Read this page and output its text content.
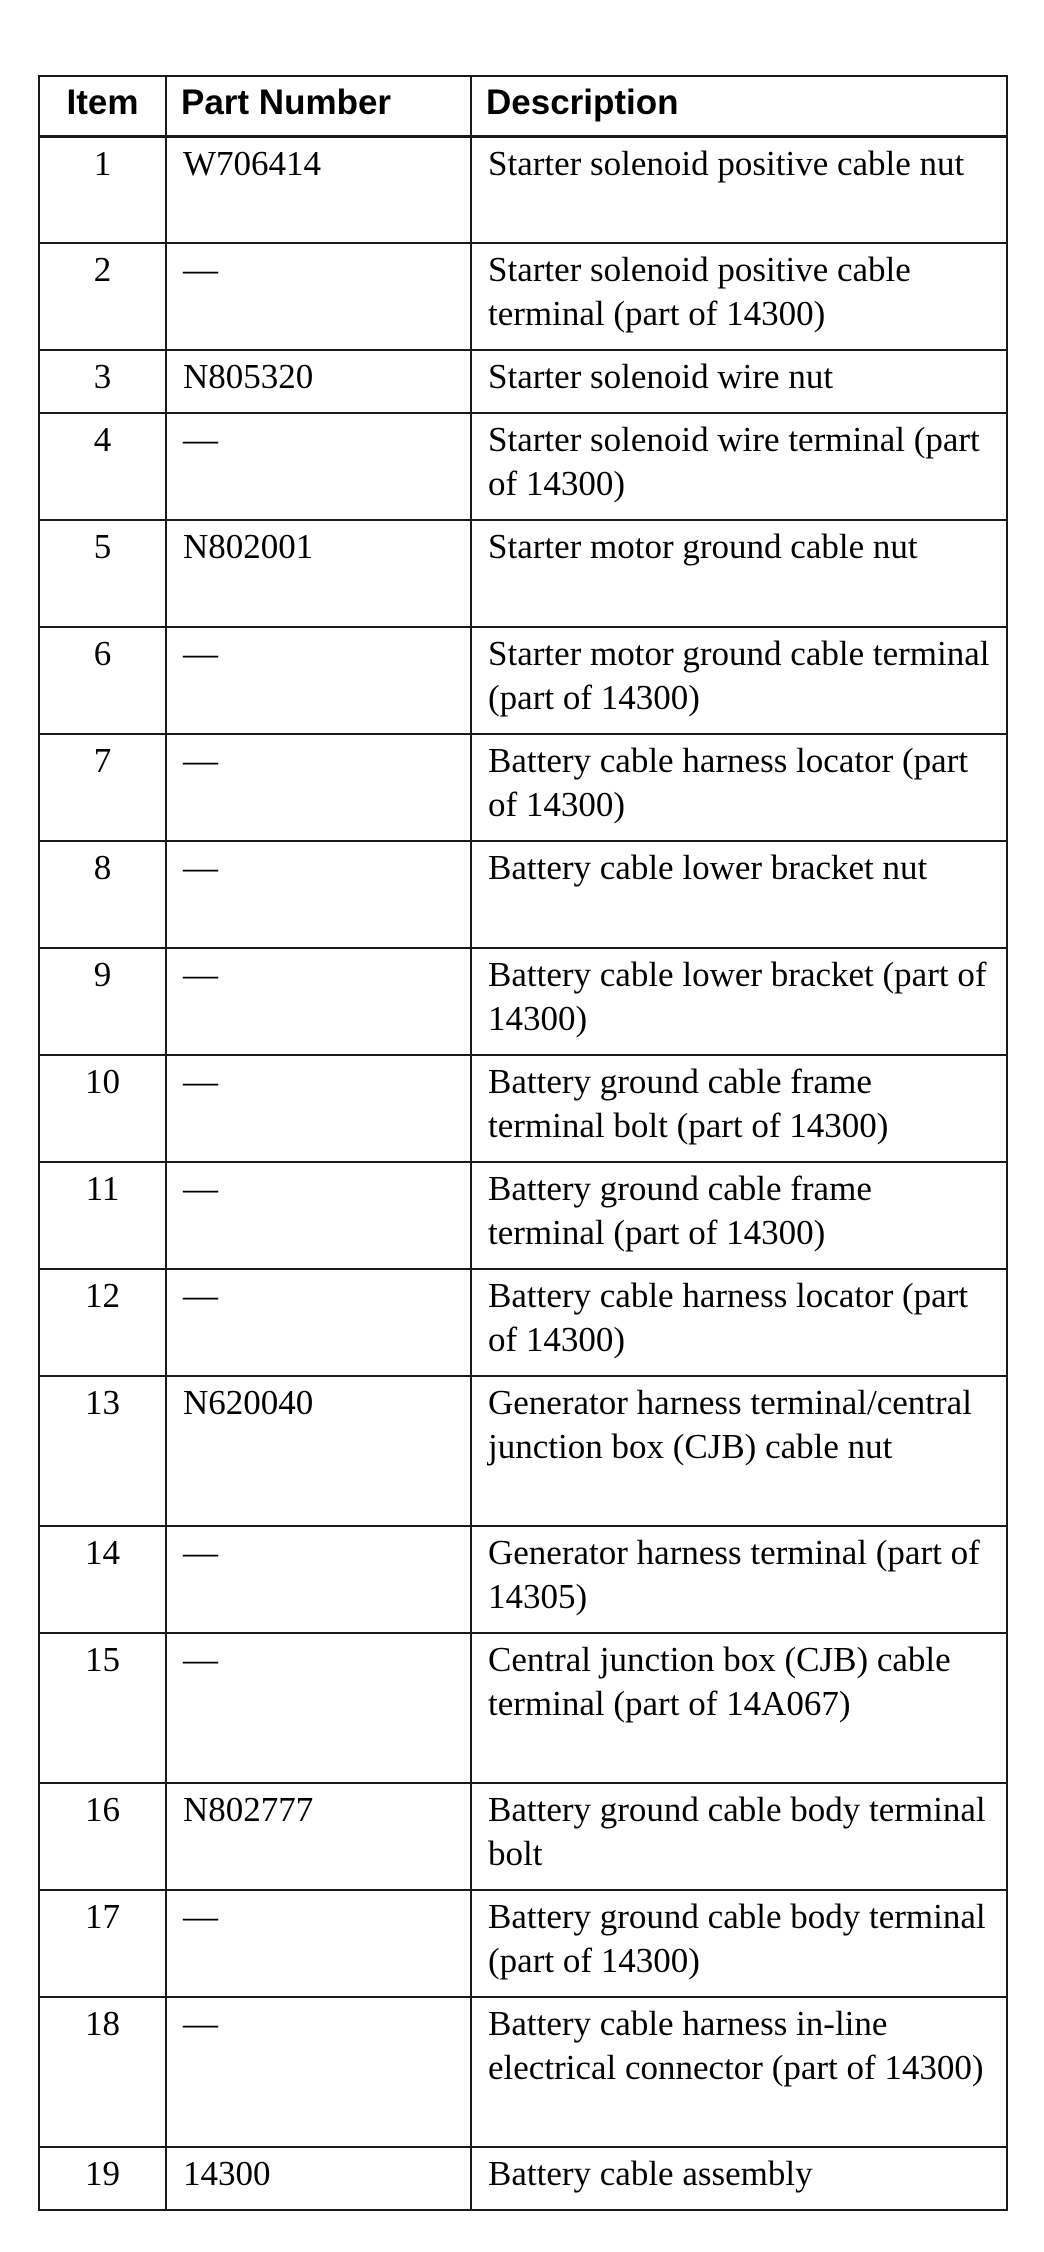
Item	Part Number	Description
1	W706414	Starter solenoid positive cable nut
2	—	Starter solenoid positive cable terminal (part of 14300)
3	N805320	Starter solenoid wire nut
4	—	Starter solenoid wire terminal (part of 14300)
5	N802001	Starter motor ground cable nut
6	—	Starter motor ground cable terminal (part of 14300)
7	—	Battery cable harness locator (part of 14300)
8	—	Battery cable lower bracket nut
9	—	Battery cable lower bracket (part of 14300)
10	—	Battery ground cable frame terminal bolt (part of 14300)
11	—	Battery ground cable frame terminal (part of 14300)
12	—	Battery cable harness locator (part of 14300)
13	N620040	Generator harness terminal/central junction box (CJB) cable nut
14	—	Generator harness terminal (part of 14305)
15	—	Central junction box (CJB) cable terminal (part of 14A067)
16	N802777	Battery ground cable body terminal bolt
17	—	Battery ground cable body terminal (part of 14300)
18	—	Battery cable harness in-line electrical connector (part of 14300)
19	14300	Battery cable assembly
